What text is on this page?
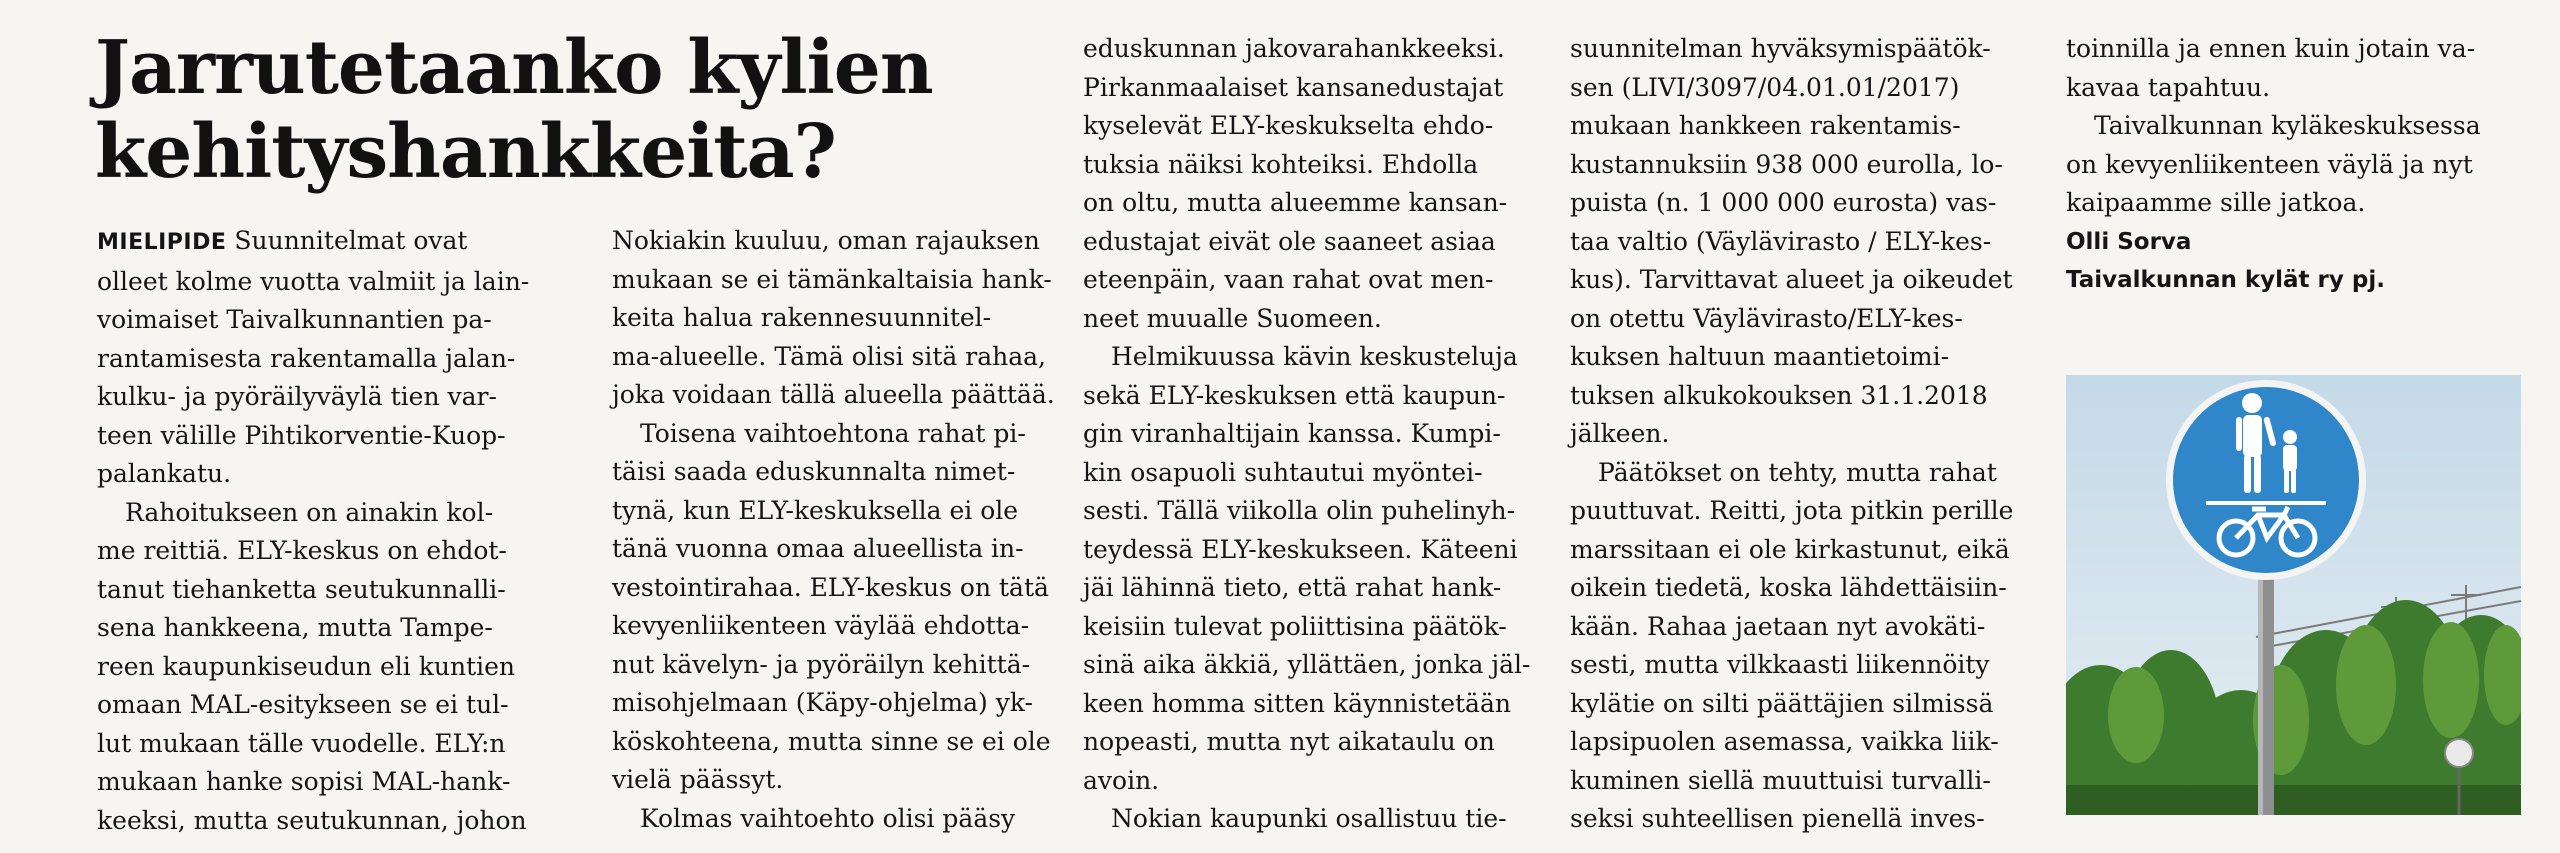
Jarrutetaanko kylien
kehityshankkeita?
MIELIPIDE Suunnitelmat ovat
olleet kolme vuotta valmiit ja lain-
voimaiset Taivalkunnantien pa-
rantamisesta rakentamalla jalan-
kulku- ja pyöräilyväylä tien var-
teen välille Pihtikorventie-Kuop-
palankatu.
Rahoitukseen on ainakin kol-
me reittiä. ELY-keskus on ehdot-
tanut tiehanketta seutukunnalli-
sena hankkeena, mutta Tampe-
reen kaupunkiseudun eli kuntien
omaan MAL-esitykseen se ei tul-
lut mukaan tälle vuodelle. ELY:n
mukaan hanke sopisi MAL-hank-
keeksi, mutta seutukunnan, johon
Nokiakin kuuluu, oman rajauksen
mukaan se ei tämänkaltaisia hank-
keita halua rakennesuunnitel-
ma-alueelle. Tämä olisi sitä rahaa,
joka voidaan tällä alueella päättää.
Toisena vaihtoehtona rahat pi-
täisi saada eduskunnalta nimet-
tynä, kun ELY-keskuksella ei ole
tänä vuonna omaa alueellista in-
vestointirahaa. ELY-keskus on tätä
kevyenliikenteen väylää ehdotta-
nut kävelyn- ja pyöräilyn kehittä-
misohjelmaan (Käpy-ohjelma) yk-
köskohteena, mutta sinne se ei ole
vielä päässyt.
Kolmas vaihtoehto olisi pääsy
eduskunnan jakovarahankkeeksi.
Pirkanmaalaiset kansanedustajat
kyselevät ELY-keskukselta ehdo-
tuksia näiksi kohteiksi. Ehdolla
on oltu, mutta alueemme kansan-
edustajat eivät ole saaneet asiaa
eteenpäin, vaan rahat ovat men-
neet muualle Suomeen.
Helmikuussa kävin keskusteluja
sekä ELY-keskuksen että kaupun-
gin viranhaltijain kanssa. Kumpi-
kin osapuoli suhtautui myöntei-
sesti. Tällä viikolla olin puhelinyh-
teydessä ELY-keskukseen. Käteeni
jäi lähinnä tieto, että rahat hank-
keisiin tulevat poliittisina päätök-
sinä aika äkkiä, yllättäen, jonka jäl-
keen homma sitten käynnistetään
nopeasti, mutta nyt aikataulu on
avoin.
Nokian kaupunki osallistuu tie-
suunnitelman hyväksymispäätök-
sen (LIVI/3097/04.01.01/2017)
mukaan hankkeen rakentamis-
kustannuksiin 938 000 eurolla, lo-
puista (n. 1 000 000 eurosta) vas-
taa valtio (Väylävirasto / ELY-kes-
kus). Tarvittavat alueet ja oikeudet
on otettu Väylävirasto/ELY-kes-
kuksen haltuun maantietoimi-
tuksen alkukokouksen 31.1.2018
jälkeen.
Päätökset on tehty, mutta rahat
puuttuvat. Reitti, jota pitkin perille
marssitaan ei ole kirkastunut, eikä
oikein tiedetä, koska lähdettäisiin-
kään. Rahaa jaetaan nyt avokäti-
sesti, mutta vilkkaasti liikennöity
kylätie on silti päättäjien silmissä
lapsipuolen asemassa, vaikka liik-
kuminen siellä muuttuisi turvalli-
seksi suhteellisen pienellä inves-
toinnilla ja ennen kuin jotain va-
kavaa tapahtuu.
Taivalkunnan kyläkeskuksessa
on kevyenliikenteen väylä ja nyt
kaipaamme sille jatkoa.
Olli Sorva
Taivalkunnan kylät ry pj.
